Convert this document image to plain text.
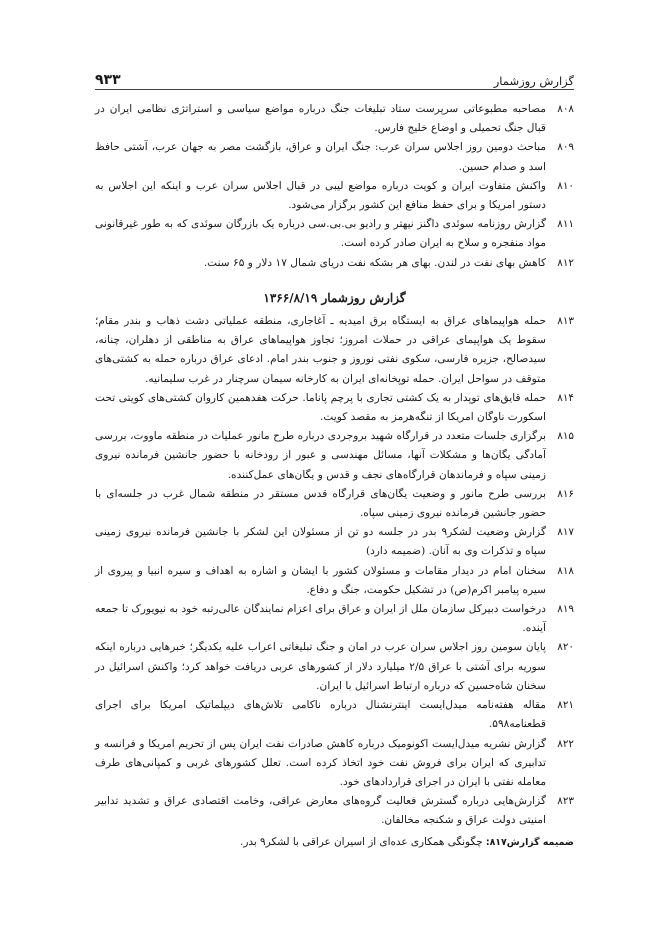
گزارش روزشمار
۹۳۳
۸۰۸
مصاحبه مطبوعاتی سرپرست ستاد تبلیغات جنگ درباره مواضع سیاسی و استراتژی نظامی ایران در قبال جنگ تحمیلی و اوضاع خلیج فارس.
۸۰۹
مباحث دومین روز اجلاس سران عرب: جنگ ایران و عراق، بازگشت مصر به جهان عرب، آشتی حافظ اسد و صدام حسین.
۸۱۰
واکنش متفاوت ایران و کویت درباره مواضع لیبی در قبال اجلاس سران عرب و اینکه این اجلاس به دستور امریکا و برای حفظ منافع این کشور برگزار می‌شود.
۸۱۱
گزارش روزنامه سوئدی داگنز نیهتر و رادیو بی.بی.سی درباره یک بازرگان سوئدی که به طور غیرقانونی مواد منفجره و سلاح به ایران صادر کرده است.
۸۱۲
کاهش بهای نفت در لندن. بهای هر بشکه نفت دریای شمال ۱۷ دلار و ۶۵ سنت.
گزارش روزشمار ۱۳۶۶/۸/۱۹
۸۱۳
حمله هواپیماهای عراق به ایستگاه برق امیدیه ـ آغاجاری، منطقه عملیاتی دشت ذهاب و بندر مقام؛ سقوط یک هواپیمای عراقی در حملات امروز؛ تجاوز هواپیماهای عراق به مناطقی از دهلران، چنانه، سیدصالح، جزیره فارسی، سکوی نفتی نوروز و جنوب بندر امام. ادعای عراق درباره حمله به کشتی‌های متوقف در سواحل ایران. حمله توپخانه‌ای ایران به کارخانه سیمان سرچنار در غرب سلیمانیه.
۸۱۴
حمله قایق‌های توپدار به یک کشتی تجاری با پرچم پاناما. حرکت هفدهمین کاروان کشتی‌های کویتی تحت اسکورت ناوگان امریکا از تنگه‌هرمز به مقصد کویت.
۸۱۵
برگزاری جلسات متعدد در قرارگاه شهید بروجردی درباره طرح مانور عملیات در منطقه ماووت، بررسی آمادگی یگان‌ها و مشکلات آنها، مسائل مهندسی و عبور از رودخانه با حضور جانشین فرمانده نیروی زمینی سپاه و فرماندهان قرارگاه‌های نجف و قدس و یگان‌های عمل‌کننده.
۸۱۶
بررسی طرح مانور و وضعیت یگان‌های قرارگاه قدس مستقر در منطقه شمال غرب در جلسه‌ای با حضور جانشین فرمانده نیروی زمینی سپاه.
۸۱۷
گزارش وضعیت لشکر۹ بدر در جلسه دو تن از مسئولان این لشکر با جانشین فرمانده نیروی زمینی سپاه و تذکرات وی به آنان. (ضمیمه دارد)
۸۱۸
سخنان امام در دیدار مقامات و مسئولان کشور با ایشان و اشاره به اهداف و سیره انبیا و پیروی از سیره پیامبر اکرم(ص) در تشکیل حکومت، جنگ و دفاع.
۸۱۹
درخواست دبیرکل سازمان ملل از ایران و عراق برای اعزام نمایندگان عالی‌رتبه خود به نیویورک تا جمعه آینده.
۸۲۰
پایان سومین روز اجلاس سران عرب در امان و جنگ تبلیغاتی اعراب علیه یکدیگر؛ خبرهایی درباره اینکه سوریه برای آشتی با عراق ۲/۵ میلیارد دلار از کشورهای عربی دریافت خواهد کرد؛ واکنش اسرائیل در سخنان شاه‌حسین که درباره ارتباط اسرائیل با ایران.
۸۲۱
مقاله هفته‌نامه میدل‌ایست اینترنشنال درباره ناکامی تلاش‌های دیپلماتیک امریکا برای اجرای قطعنامه۵۹۸.
۸۲۲
گزارش نشریه میدل‌ایست اکونومیک درباره کاهش صادرات نفت ایران پس از تحریم امریکا و فرانسه و تدابیری که ایران برای فروش نفت خود اتخاذ کرده است. تعلل کشورهای غربی و کمپانی‌های طرف معامله نفتی با ایران در اجرای قراردادهای خود.
۸۲۳
گزارش‌هایی درباره گسترش فعالیت گروه‌های معارض عراقی، وخامت اقتصادی عراق و تشدید تدابیر امنیتی دولت عراق و شکنجه مخالفان.
ضمیمه گزارش۸۱۷: چگونگی همکاری عده‌ای از اسیران عراقی با لشکر۹ بدر.
